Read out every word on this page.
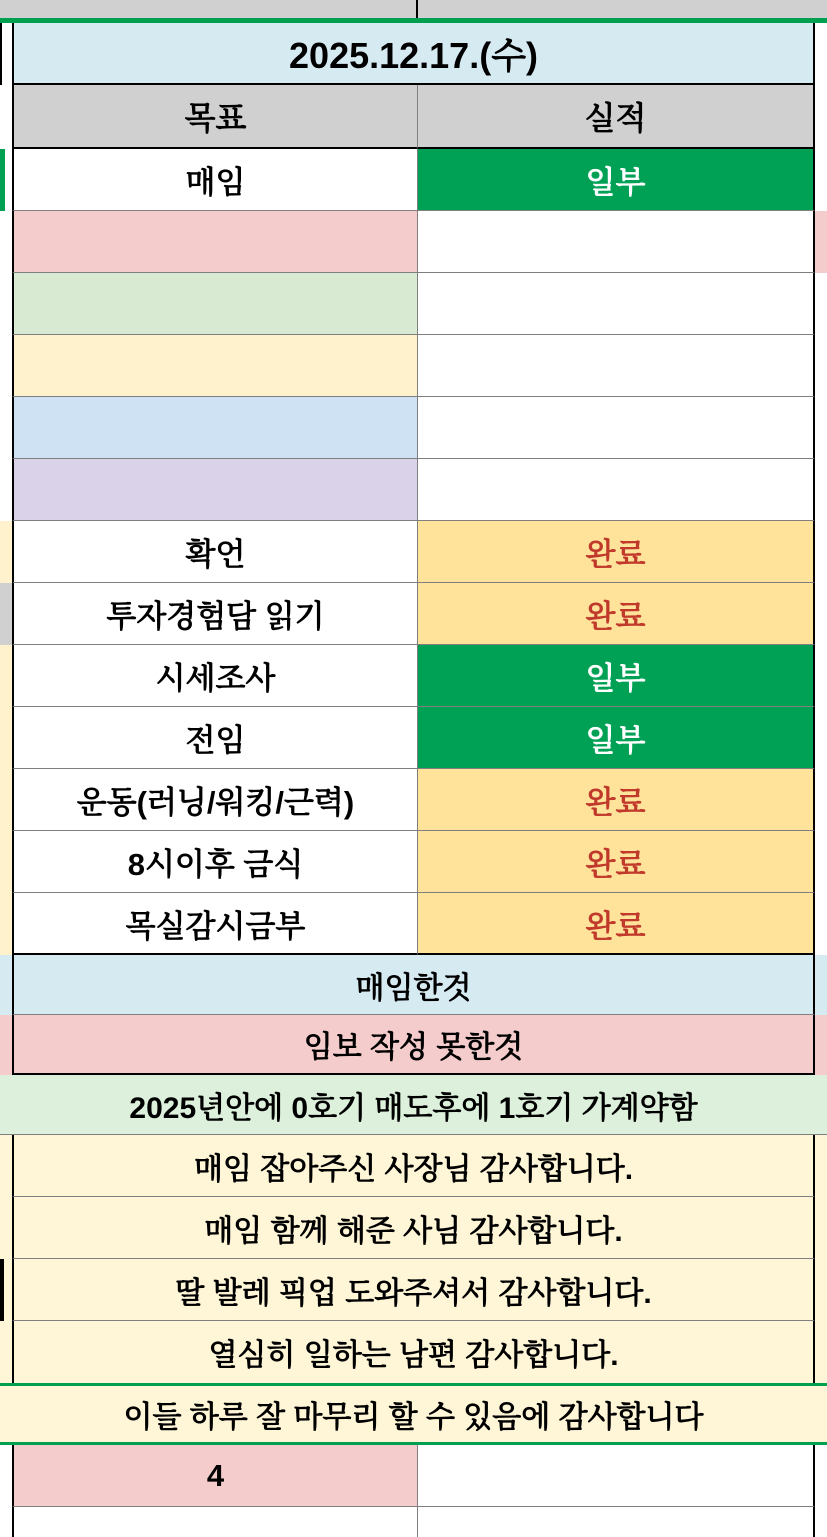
2025.12.17.(수)
목표	실적
매임	일부
확언	완료
투자경험담 읽기	완료
시세조사	일부
전임	일부
운동(러닝/워킹/근력)	완료
8시이후 금식	완료
목실감시금부	완료
매임한것
임보 작성 못한것
2025년안에 0호기 매도후에 1호기 가계약함
매임 잡아주신 사장님 감사합니다.
매임 함께 해준 사님 감사합니다.
딸 발레 픽업 도와주셔서 감사합니다.
열심히 일하는 남편 감사합니다.
이들 하루 잘 마무리 할 수 있음에 감사합니다
4
